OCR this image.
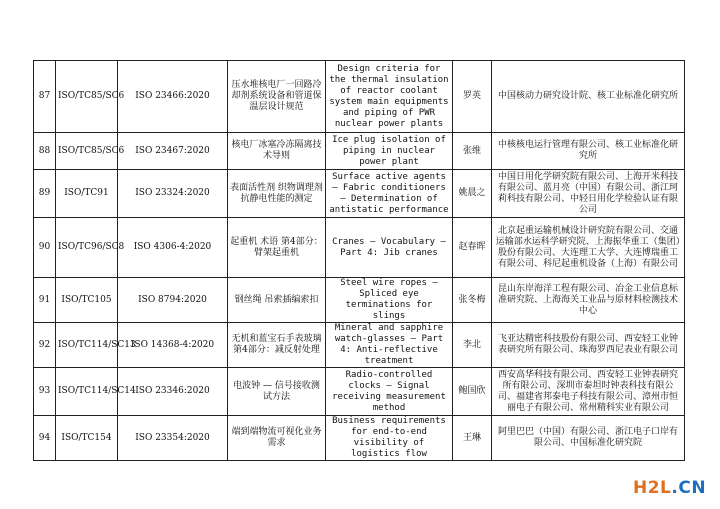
87	ISO/TC85/SC6	ISO 23466:2020	压水堆核电厂一回路冷却剂系统设备和管道保温层设计规范	Design criteria for the thermal insulation of reactor coolant system main equipments and piping of PWR nuclear power plants	罗英	中国核动力研究设计院、核工业标准化研究所
88	ISO/TC85/SC6	ISO 23467:2020	核电厂冰塞冷冻隔离技术导则	Ice plug isolation of piping in nuclear power plant	张维	中核核电运行管理有限公司、核工业标准化研究所
89	ISO/TC91	ISO 23324:2020	表面活性剂 织物调理剂 抗静电性能的测定	Surface active agents — Fabric conditioners — Determination of antistatic performance	姚晨之	中国日用化学研究院有限公司、上海开米科技有限公司、蓝月亮（中国）有限公司、浙江珂莉科技有限公司、中轻日用化学检验认证有限公司
90	ISO/TC96/SC8	ISO 4306-4:2020	起重机 术语 第4部分：臂架起重机	Cranes — Vocabulary — Part 4: Jib cranes	赵春晖	北京起重运输机械设计研究院有限公司、交通运输部水运科学研究院、上海振华重工（集团）股份有限公司、大连理工大学、大连博瑞重工有限公司、科尼起重机设备（上海）有限公司
91	ISO/TC105	ISO 8794:2020	钢丝绳 吊索插编索扣	Steel wire ropes — Spliced eye terminations for slings	张冬梅	昆山东岸海洋工程有限公司、冶金工业信息标准研究院、上海海关工业品与原材料检测技术中心
92	ISO/TC114/SC13	ISO 14368-4:2020	无机和蓝宝石手表玻璃 第4部分：减反射处理	Mineral and sapphire watch-glasses — Part 4: Anti-reflective treatment	李北	飞亚达精密科技股份有限公司、西安轻工业钟表研究所有限公司、珠海罗西尼表业有限公司
93	ISO/TC114/SC14	ISO 23346:2020	电波钟 — 信号接收测试方法	Radio-controlled clocks — Signal receiving measurement method	鲍国欣	西安高华科技有限公司、西安轻工业钟表研究所有限公司、深圳市泰坦时钟表科技有限公司、福建省邦泰电子科技有限公司、漳州市恒丽电子有限公司、常州精科实业有限公司
94	ISO/TC154	ISO 23354:2020	端到端物流可视化业务需求	Business requirements for end-to-end visibility of logistics flow	王琳	阿里巴巴（中国）有限公司、浙江电子口岸有限公司、中国标准化研究院
H2L.CN
